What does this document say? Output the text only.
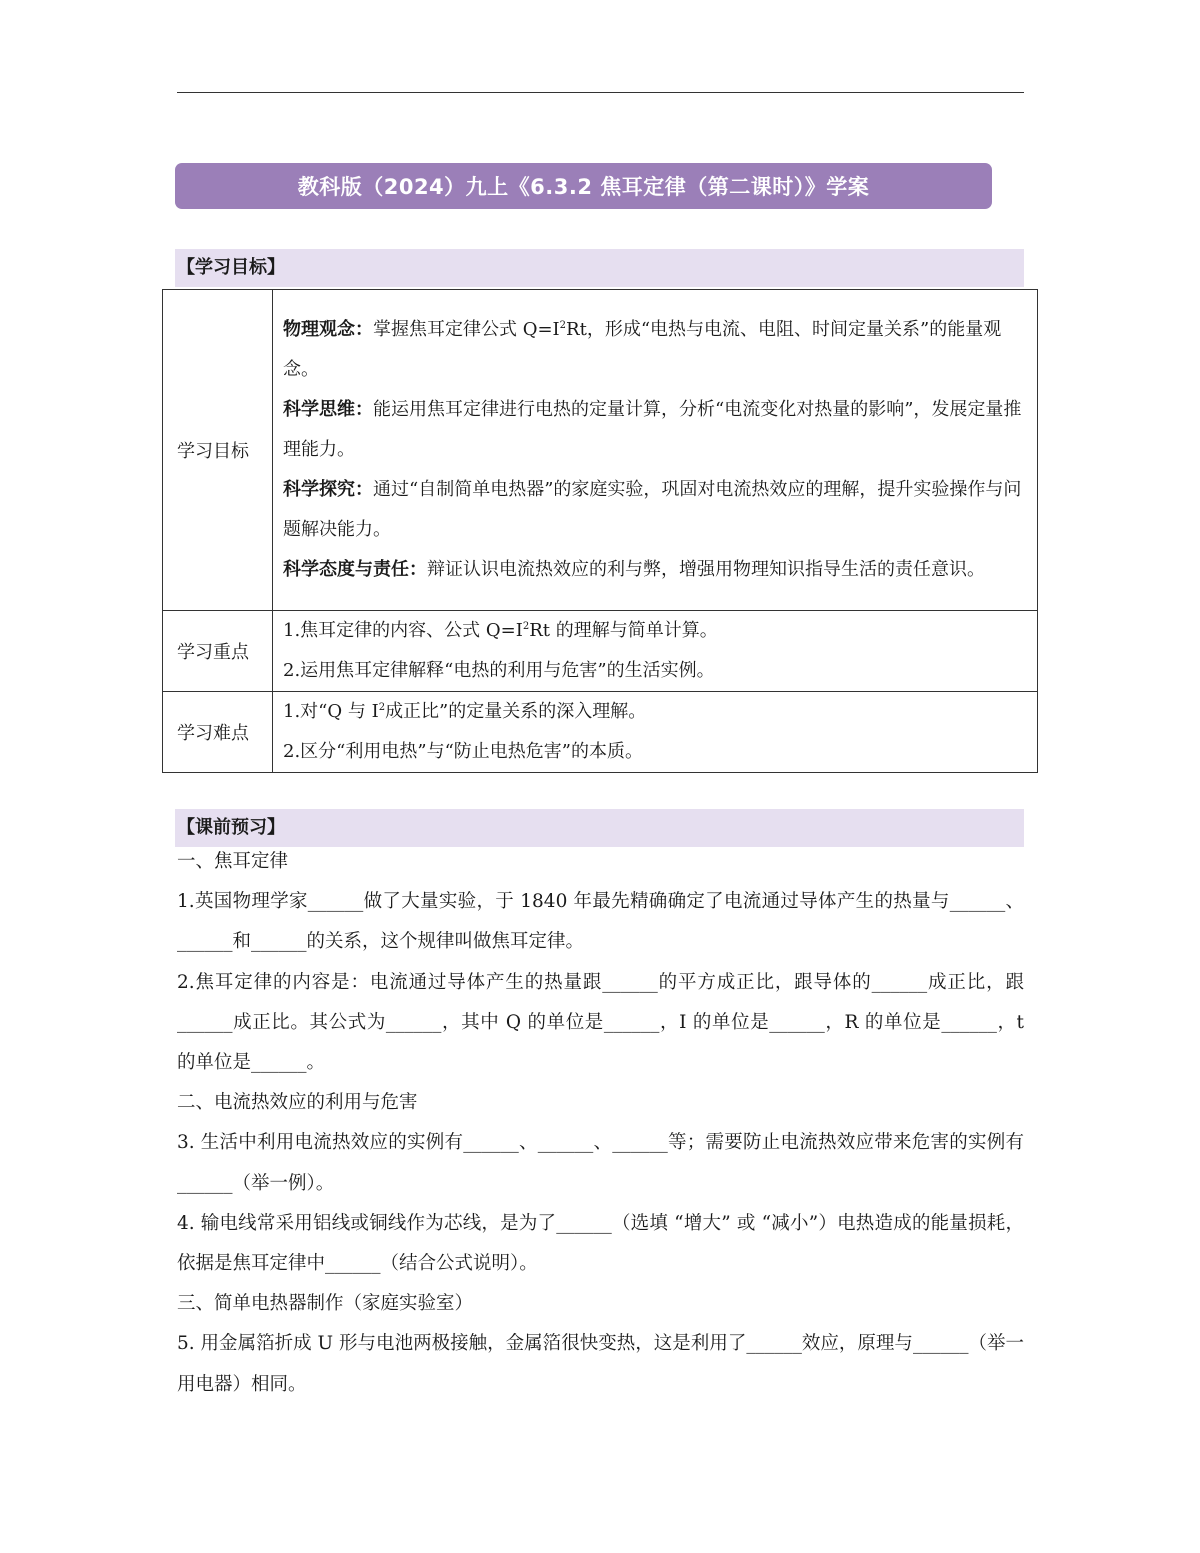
教科版（2024）九上《6.3.2 焦耳定律（第二课时）》学案
【学习目标】
学习目标	物理观念：掌握焦耳定律公式 $Q=I^2Rt$，形成“电热与电流、电阻、时间定量关系”的能量观念。
科学思维：能运用焦耳定律进行电热的定量计算，分析“电流变化对热量的影响”，发展定量推理能力。
科学探究：通过“自制简单电热器”的家庭实验，巩固对电流热效应的理解，提升实验操作与问题解决能力。
科学态度与责任：辩证认识电流热效应的利与弊，增强用物理知识指导生活的责任意识。

学习重点	1.焦耳定律的内容、公式 $Q=I^2Rt$ 的理解与简单计算。
2.运用焦耳定律解释“电热的利用与危害”的生活实例。

学习难点	1.对“Q 与 $I^2$成正比”的定量关系的深入理解。
2.区分“利用电热”与“防止电热危害”的本质。
【课前预习】

一、焦耳定律

1.英国物理学家______做了大量实验，于 1840 年最先精确确定了电流通过导体产生的热量与______、______和______的关系，这个规律叫做焦耳定律。

2.焦耳定律的内容是：电流通过导体产生的热量跟______的平方成正比，跟导体的______成正比，跟______成正比。其公式为______，其中 Q 的单位是______，I 的单位是______，R 的单位是______，t 的单位是______。

二、电流热效应的利用与危害

3. 生活中利用电流热效应的实例有______、______、______等；需要防止电流热效应带来危害的实例有______（举一例）。

4. 输电线常采用铝线或铜线作为芯线，是为了______（选填 “增大” 或 “减小”）电热造成的能量损耗，依据是焦耳定律中______（结合公式说明）。

三、简单电热器制作（家庭实验室）

5. 用金属箔折成 U 形与电池两极接触，金属箔很快变热，这是利用了______效应，原理与______（举一用电器）相同。
